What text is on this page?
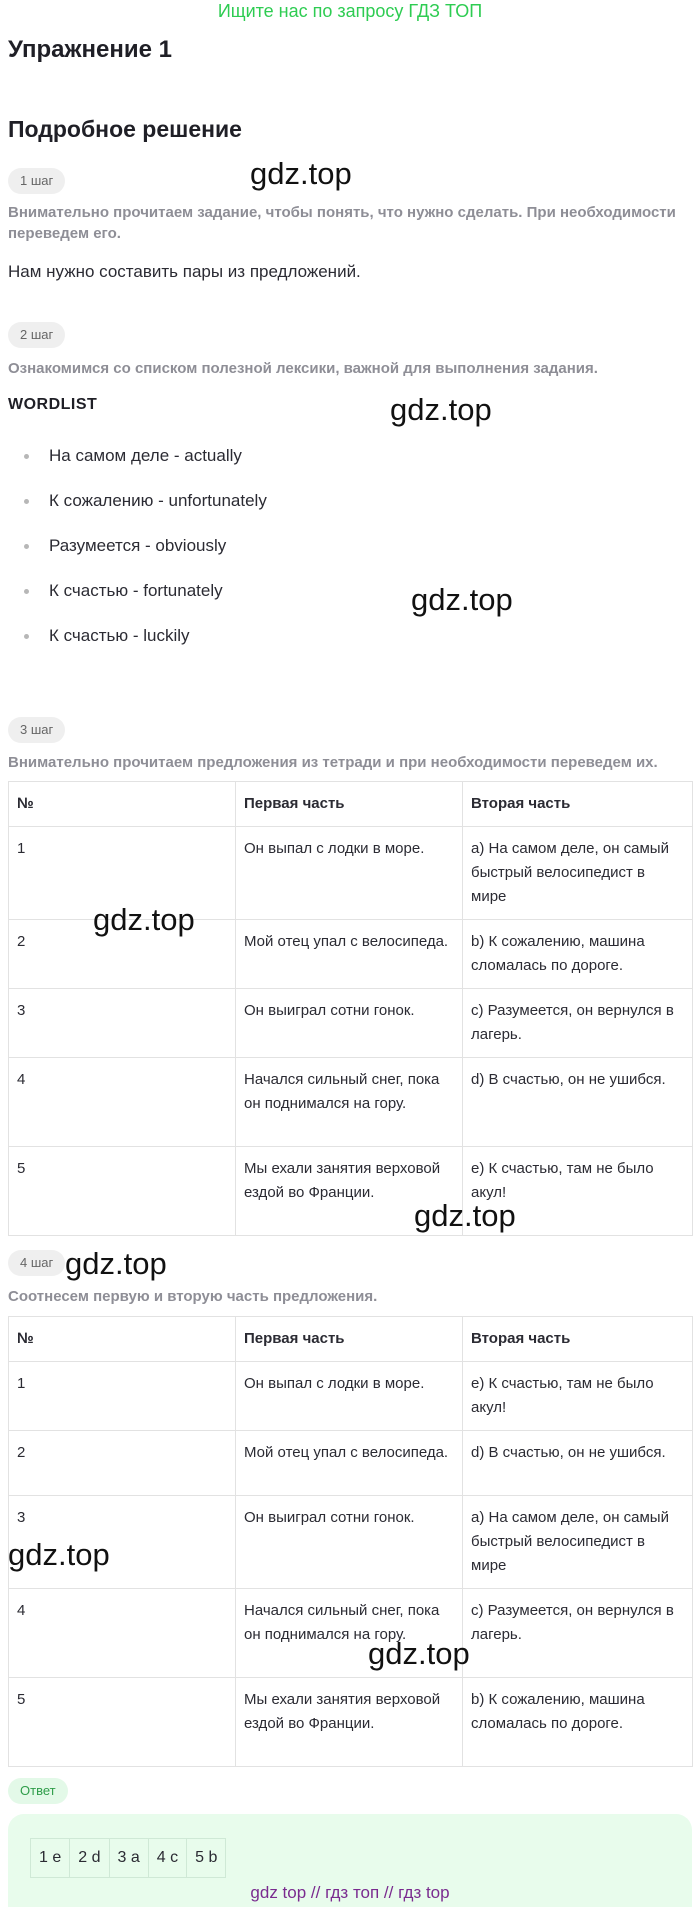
Ищите нас по запросу ГДЗ ТОП
Упражнение 1
Подробное решение
1 шаг
Внимательно прочитаем задание, чтобы понять, что нужно сделать. При необходимости переведем его.
Нам нужно составить пары из предложений.
2 шаг
Ознакомимся со списком полезной лексики, важной для выполнения задания.
WORDLIST
На самом деле - actually
К сожалению - unfortunately
Разумеется - obviously
К счастью - fortunately
К счастью - luckily
3 шаг
Внимательно прочитаем предложения из тетради и при необходимости переведем их.
№	Первая часть	Вторая часть
1	Он выпал с лодки в море.	a) На самом деле, он самый быстрый велосипедист в мире
2	Мой отец упал с велосипеда.	b) К сожалению, машина сломалась по дороге.
3	Он выиграл сотни гонок.	c) Разумеется, он вернулся в лагерь.
4	Начался сильный снег, пока он поднимался на гору.	d) В счастью, он не ушибся.
5	Мы ехали занятия верховой ездой во Франции.	e) К счастью, там не было акул!
4 шаг
Соотнесем первую и вторую часть предложения.
№	Первая часть	Вторая часть
1	Он выпал с лодки в море.	e) К счастью, там не было акул!
2	Мой отец упал с велосипеда.	d) В счастью, он не ушибся.
3	Он выиграл сотни гонок.	a) На самом деле, он самый быстрый велосипедист в мире
4	Начался сильный снег, пока он поднимался на гору.	c) Разумеется, он вернулся в лагерь.
5	Мы ехали занятия верховой ездой во Франции.	b) К сожалению, машина сломалась по дороге.
Ответ
1 e	2 d	3 a	4 c	5 b
gdz.top
gdz.top
gdz.top
gdz.top
gdz.top
gdz.top
gdz.top
gdz.top
gdz top // гдз топ // гдз top
